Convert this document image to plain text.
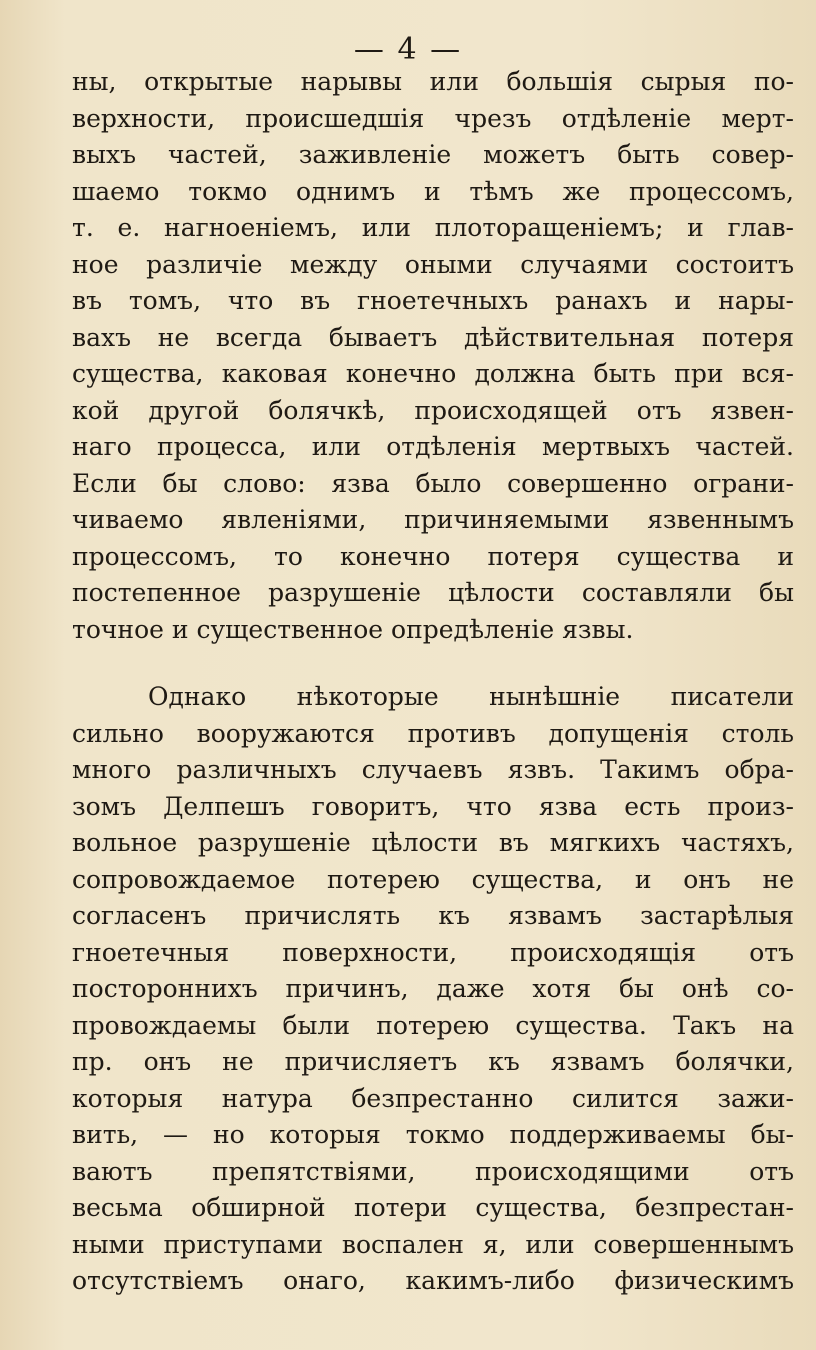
— 4 —
ны, открытые нарывы или большія сырыя по-
верхности, происшедшія чрезъ отдѣленіе мерт-
выхъ частей, заживленіе можетъ быть совер-
шаемо токмо однимъ и тѣмъ же процессомъ,
т. е. нагноеніемъ, или плоторащеніемъ; и глав-
ное различіе между оными случаями состоитъ
въ томъ, что въ гноетечныхъ ранахъ и нары-
вахъ не всегда бываетъ дѣйствительная потеря
существа, каковая конечно должна быть при вся-
кой другой болячкѣ, происходящей отъ язвен-
наго процесса, или отдѣленія мертвыхъ частей.
Если бы слово: язва было совершенно ограни-
чиваемо явленіями, причиняемыми язвеннымъ
процессомъ, то конечно потеря существа и
постепенное разрушеніе цѣлости составляли бы
точное и существенное опредѣленіе язвы.
Однако нѣкоторые нынѣшніе писатели
сильно вооружаются противъ допущенія столь
много различныхъ случаевъ язвъ. Такимъ обра-
зомъ Делпешъ говоритъ, что язва есть произ-
вольное разрушеніе цѣлости въ мягкихъ частяхъ,
сопровождаемое потерею существа, и онъ не
согласенъ причислять къ язвамъ застарѣлыя
гноетечныя поверхности, происходящія отъ
постороннихъ причинъ, даже хотя бы онѣ со-
провождаемы были потерею существа. Такъ на
пр. онъ не причисляетъ къ язвамъ болячки,
которыя натура безпрестанно силится зажи-
вить, — но которыя токмо поддерживаемы бы-
ваютъ препятствіями, происходящими отъ
весьма обширной потери существа, безпрестан-
ными приступами воспален я, или совершеннымъ
отсутствіемъ онаго, какимъ-либо физическимъ
